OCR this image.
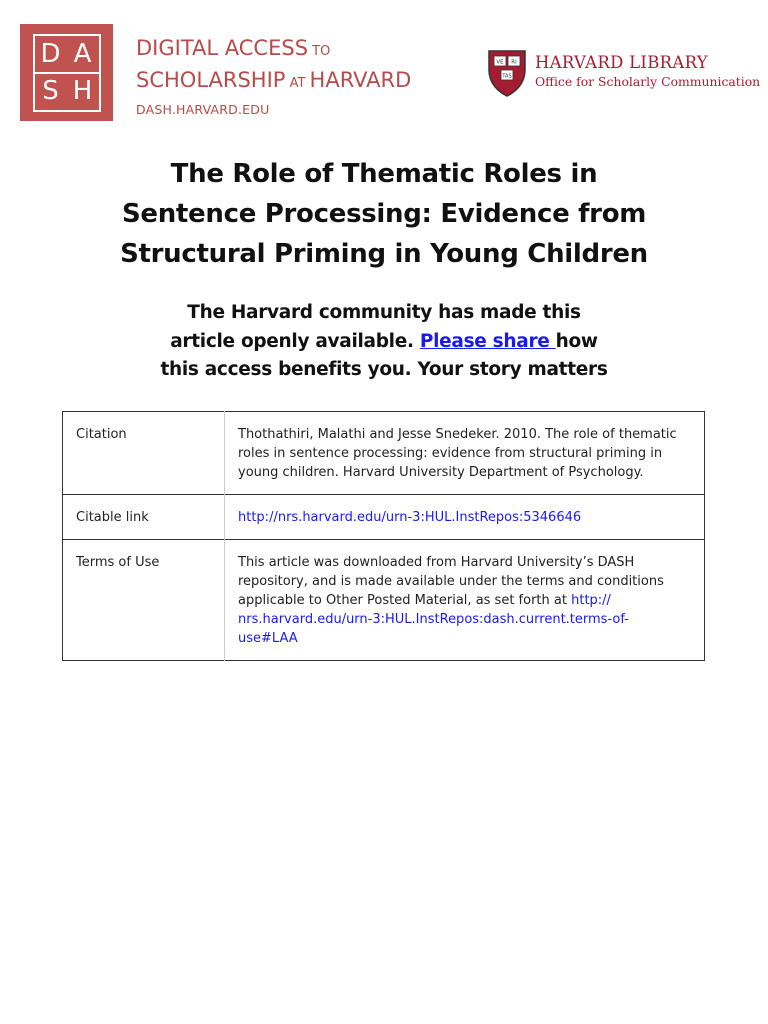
D A
S H
DIGITAL ACCESS TO
SCHOLARSHIP AT HARVARD
DASH.HARVARD.EDU
VE RI
TAS
HARVARD LIBRARY
Office for Scholarly Communication
The Role of Thematic Roles in
Sentence Processing: Evidence from
Structural Priming in Young Children
The Harvard community has made this
article openly available. Please share how
this access benefits you. Your story matters
Citation	Thothathiri, Malathi and Jesse Snedeker. 2010. The role of thematic roles in sentence processing: evidence from structural priming in young children. Harvard University Department of Psychology.
Citable link	http://nrs.harvard.edu/urn-3:HUL.InstRepos:5346646
Terms of Use	This article was downloaded from Harvard University’s DASH repository, and is made available under the terms and conditions applicable to Other Posted Material, as set forth at http:// nrs.harvard.edu/urn-3:HUL.InstRepos:dash.current.terms-of-use#LAA
